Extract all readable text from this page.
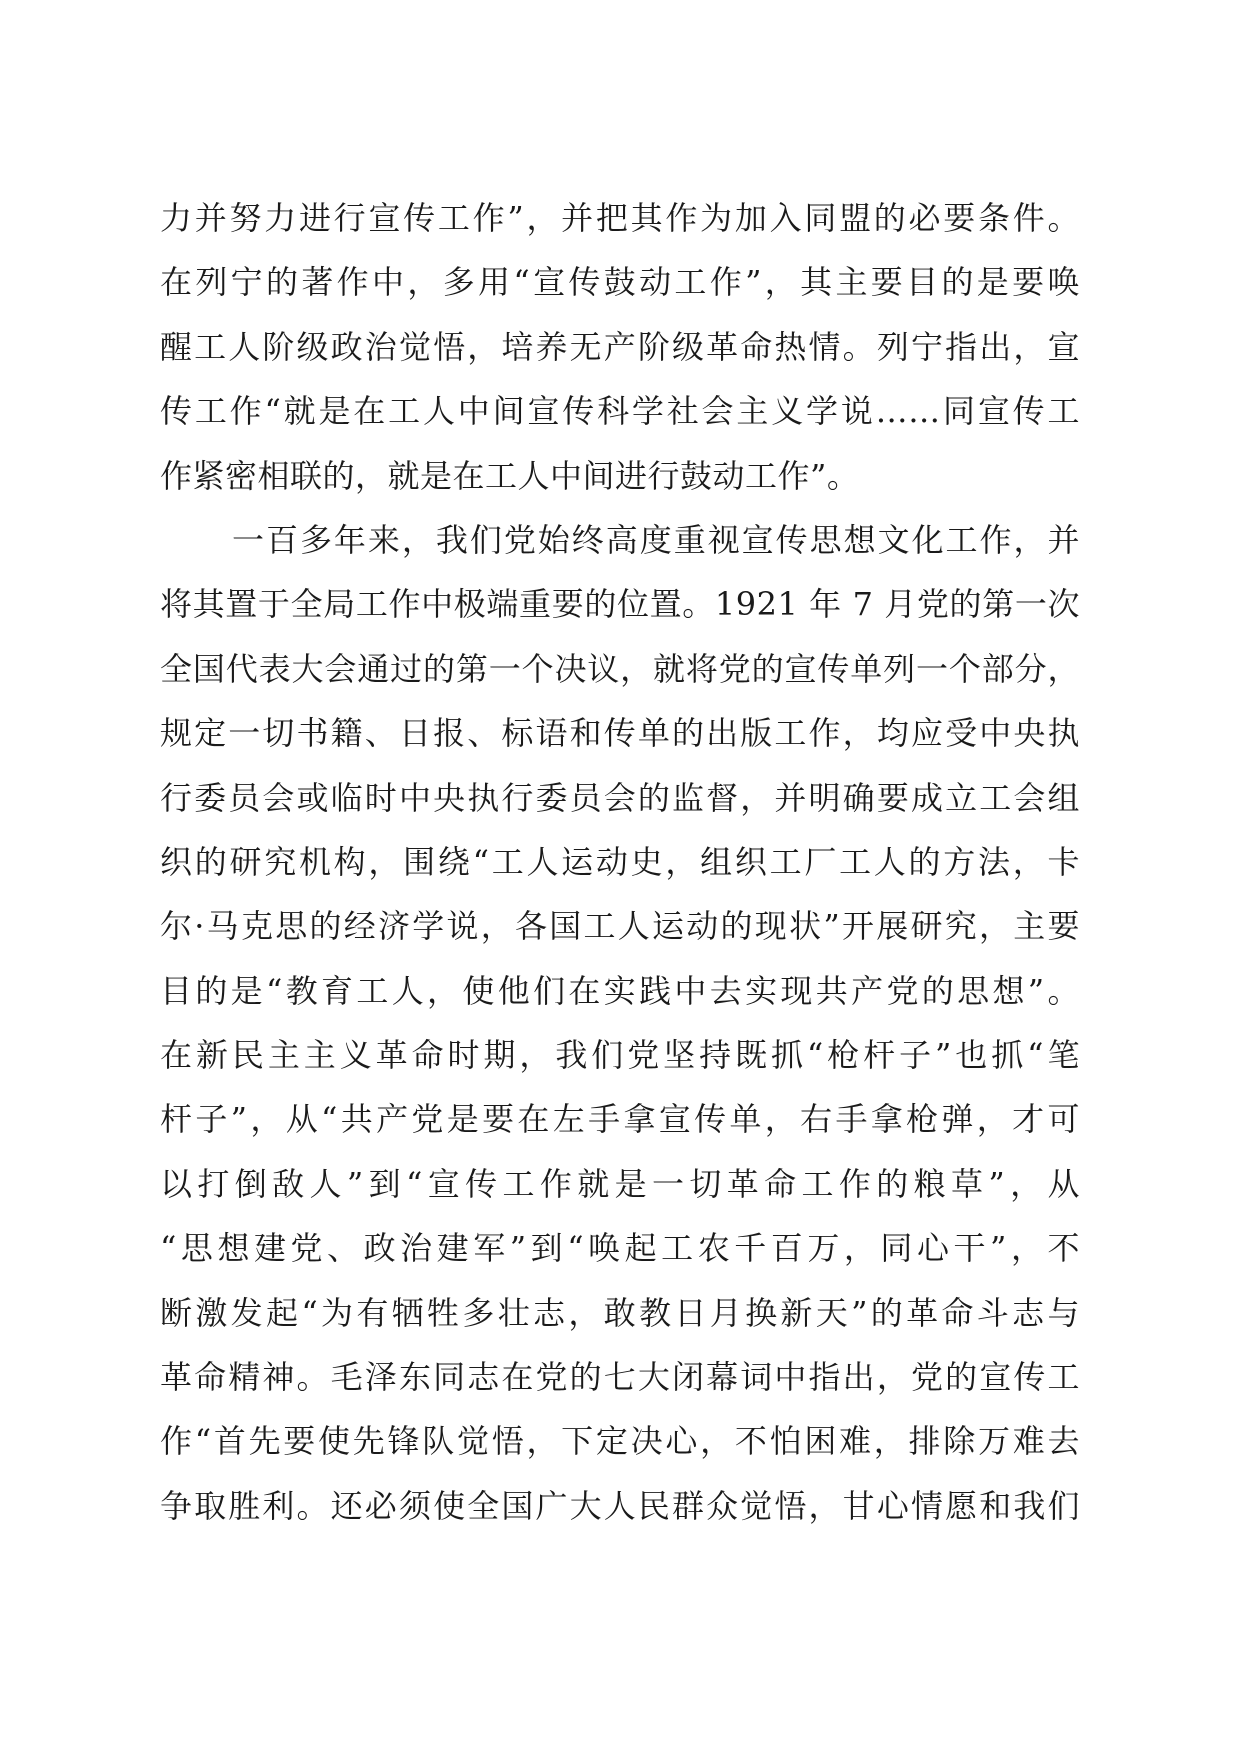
力并努力进行宣传工作”，并把其作为加入同盟的必要条件。
在列宁的著作中，多用“宣传鼓动工作”，其主要目的是要唤
醒工人阶级政治觉悟，培养无产阶级革命热情。列宁指出，宣
传工作“就是在工人中间宣传科学社会主义学说……同宣传工
作紧密相联的，就是在工人中间进行鼓动工作”。
一百多年来，我们党始终高度重视宣传思想文化工作，并
将其置于全局工作中极端重要的位置。1921 年 7 月党的第一次
全国代表大会通过的第一个决议，就将党的宣传单列一个部分，
规定一切书籍、日报、标语和传单的出版工作，均应受中央执
行委员会或临时中央执行委员会的监督，并明确要成立工会组
织的研究机构，围绕“工人运动史，组织工厂工人的方法，卡
尔·马克思的经济学说，各国工人运动的现状”开展研究，主要
目的是“教育工人，使他们在实践中去实现共产党的思想”。
在新民主主义革命时期，我们党坚持既抓“枪杆子”也抓“笔
杆子”，从“共产党是要在左手拿宣传单，右手拿枪弹，才可
以打倒敌人”到“宣传工作就是一切革命工作的粮草”，从
“思想建党、政治建军”到“唤起工农千百万，同心干”，不
断激发起“为有牺牲多壮志，敢教日月换新天”的革命斗志与
革命精神。毛泽东同志在党的七大闭幕词中指出，党的宣传工
作“首先要使先锋队觉悟，下定决心，不怕困难，排除万难去
争取胜利。还必须使全国广大人民群众觉悟，甘心情愿和我们
